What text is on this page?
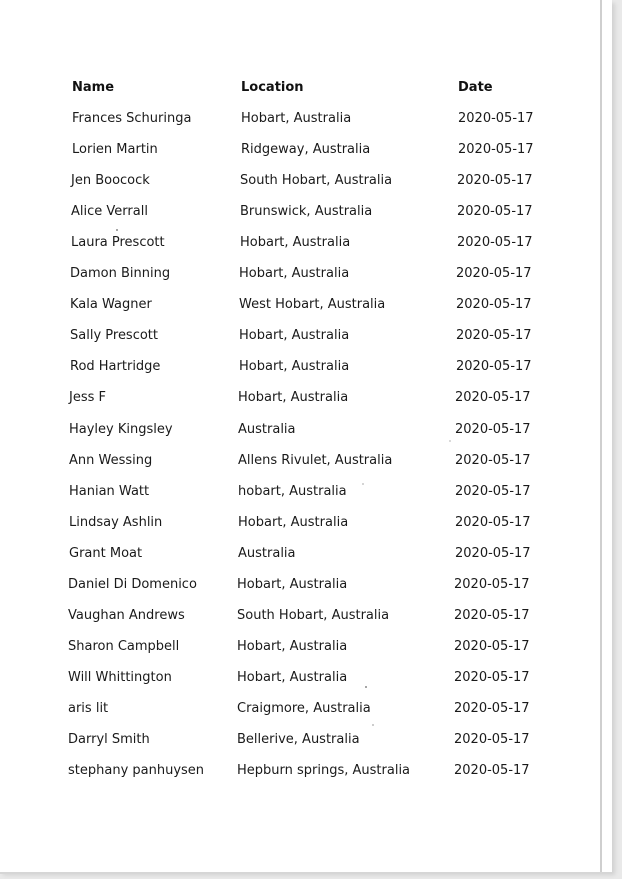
Name	Location	Date
Frances Schuringa	Hobart, Australia	2020-05-17
Lorien Martin	Ridgeway, Australia	2020-05-17
Jen Boocock	South Hobart, Australia	2020-05-17
Alice Verrall	Brunswick, Australia	2020-05-17
Laura Prescott	Hobart, Australia	2020-05-17
Damon Binning	Hobart, Australia	2020-05-17
Kala Wagner	West Hobart, Australia	2020-05-17
Sally Prescott	Hobart, Australia	2020-05-17
Rod Hartridge	Hobart, Australia	2020-05-17
Jess F	Hobart, Australia	2020-05-17
Hayley Kingsley	Australia	2020-05-17
Ann Wessing	Allens Rivulet, Australia	2020-05-17
Hanian Watt	hobart, Australia	2020-05-17
Lindsay Ashlin	Hobart, Australia	2020-05-17
Grant Moat	Australia	2020-05-17
Daniel Di Domenico	Hobart, Australia	2020-05-17
Vaughan Andrews	South Hobart, Australia	2020-05-17
Sharon Campbell	Hobart, Australia	2020-05-17
Will Whittington	Hobart, Australia	2020-05-17
aris lit	Craigmore, Australia	2020-05-17
Darryl Smith	Bellerive, Australia	2020-05-17
stephany panhuysen	Hepburn springs, Australia	2020-05-17
